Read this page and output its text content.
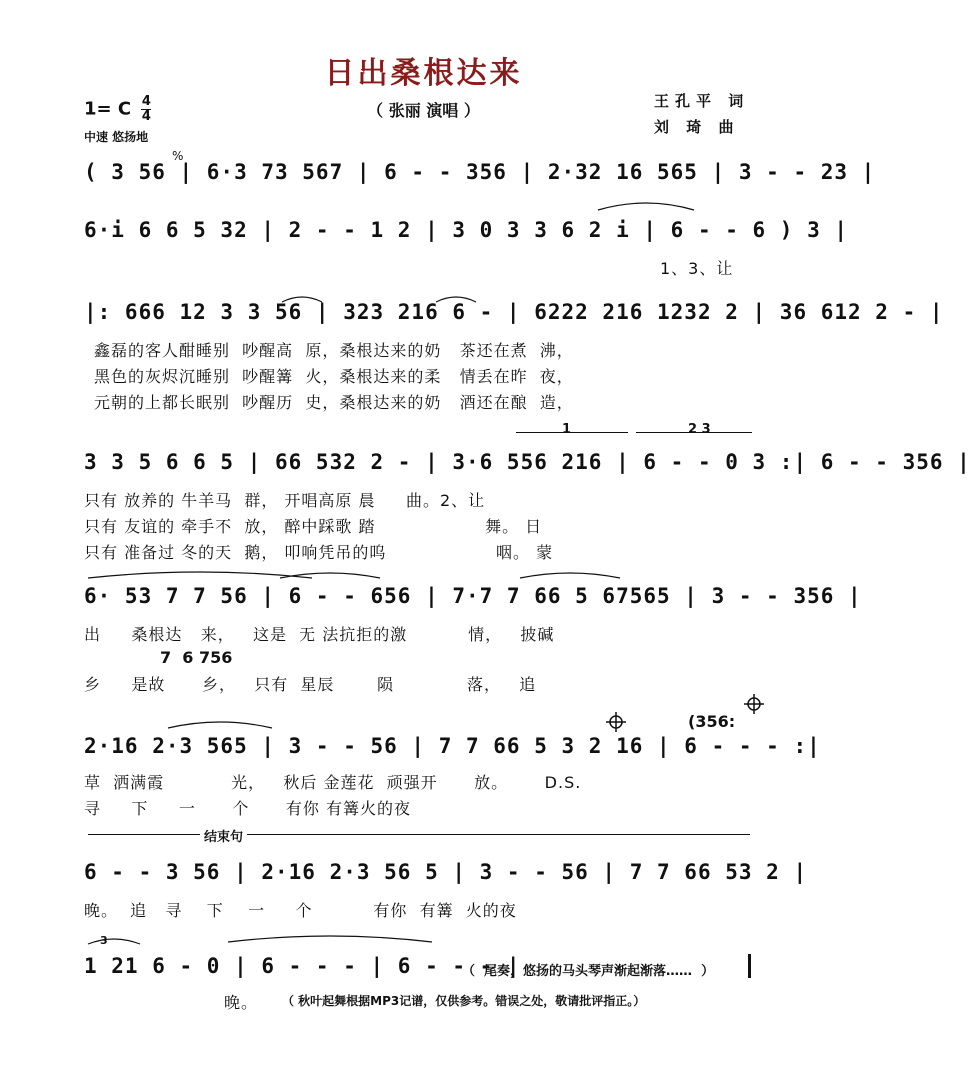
日出桑根达来
（ 张丽 演唱 ）	王孔平 词
刘 琦 曲
1= C $\frac{4}{4}$
中速 悠扬地
( 3 56 | 6·3 73 567 | 6 - - 356 | 2·32 16 565 | 3 - - 23 |
6·i 6 6 5 32 | 2 - - 1 2 | 3 0 3 3 6 2 i | 6 - - 6 ) 3 |
1、3、让
|: 666 12 3 3 56 | 323 216 6 - | 6222 216 1232 2 | 36 612 2 - |
鑫磊的客人酣睡别  吵醒高  原，桑根达来的奶   茶还在煮  沸，
黑色的灰烬沉睡别  吵醒篝  火，桑根达来的柔   情丢在昨  夜，
元朝的上都长眠别  吵醒历  史，桑根达来的奶   酒还在酿  造，
1	2 3
3 3 5 6 6 5 | 66 532 2 - | 3·6 556 216 | 6 - - 0 3 :| 6 - - 356 |
只有 放养的 牛羊马  群， 开唱高原 晨     曲。2、让
只有 友谊的 牵手不  放， 醉中踩歌 踏                  舞。 日
只有 准备过 冬的天  鹅， 叩响凭吊的呜                  咽。 蒙
6· 53 7 7 56 | 6 - - 656 | 7·7 7 66 5 67565 | 3 - - 356 |
出     桑根达   来，   这是  无 法抗拒的激          情，   披碱
7  6 756
乡     是故      乡，   只有  星辰       陨            落，   追
(356:
2·16 2·3 565 | 3 - - 56 | 7 7 66 5 3 2 16 | 6 - - - :|
草  洒满霞           光，   秋后 金莲花  顽强开      放。      D.S.
寻     下     一      个      有你 有篝火的夜
结束句
6 - - 3 56 | 2·16 2·3 56 5 | 3 - - 56 | 7 7 66 53 2 |
晚。  追   寻    下    一     个          有你  有篝  火的夜
3
1 21 6 - 0 | 6 - - - | 6 - - - |
（  尾奏，悠扬的马头琴声渐起渐落……  ）
晚。 （ 秋叶起舞根据MP3记谱，仅供参考。错误之处，敬请批评指正。）
%
